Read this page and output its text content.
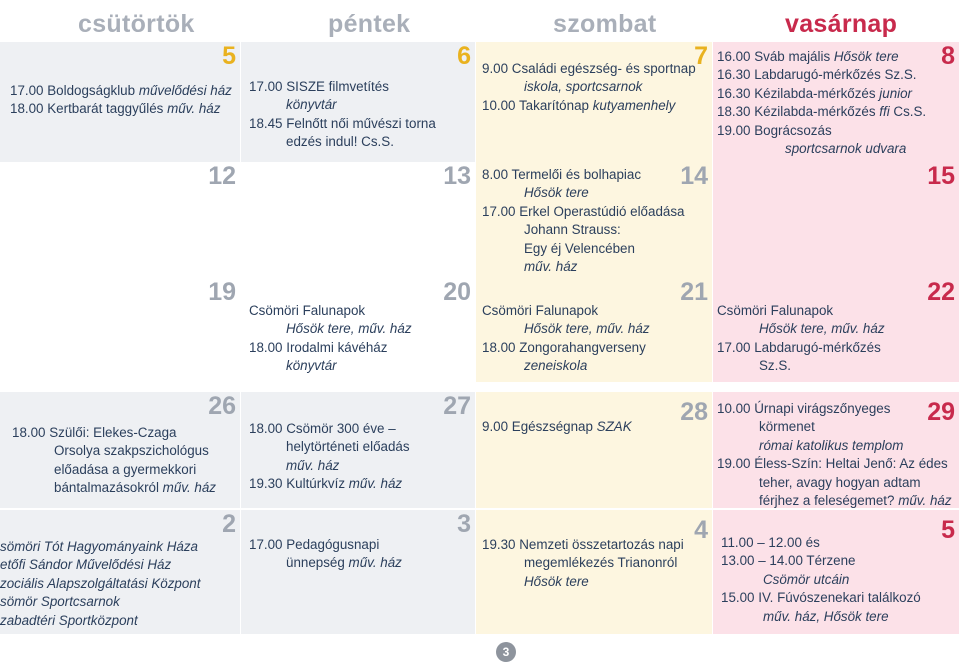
csütörtök	péntek	szombat	vasárnap
5
17.00 Boldogságklub művelődési ház
18.00 Kertbarát taggyűlés műv. ház
6
17.00 SISZE filmvetítés
könyvtár
18.45 Felnőtt női művészi torna
edzés indul! Cs.S.
7
9.00 Családi egészség- és sportnap
iskola, sportcsarnok
10.00 Takarítónap kutyamenhely
8
16.00 Sváb majális Hősök tere
16.30 Labdarugó-mérkőzés Sz.S.
16.30 Kézilabda-mérkőzés junior
18.30 Kézilabda-mérkőzés ffi Cs.S.
19.00 Bográcsozás
sportcsarnok udvara
12	13	14
8.00 Termelői és bolhapiac
Hősök tere
17.00 Erkel Operastúdió előadása
Johann Strauss:
Egy éj Velencében
műv. ház
15
19	20
Csömöri Falunapok
Hősök tere, műv. ház
18.00 Irodalmi kávéház
könyvtár
21
Csömöri Falunapok
Hősök tere, műv. ház
18.00 Zongorahangverseny
zeneiskola
22
Csömöri Falunapok
Hősök tere, műv. ház
17.00 Labdarugó-mérkőzés
Sz.S.
26
18.00 Szülői: Elekes-Czaga
Orsolya szakpszichológus
előadása a gyermekkori
bántalmazásokról műv. ház
27
18.00 Csömör 300 éve –
helytörténeti előadás
műv. ház
19.30 Kultúrkvíz műv. ház
28
9.00 Egészségnap SZAK
29
10.00 Úrnapi virágszőnyeges
körmenet
római katolikus templom
19.00 Éless-Szín: Heltai Jenő: Az édes
teher, avagy hogyan adtam
férjhez a feleségemet? műv. ház
2
sömöri Tót Hagyományaink Háza
etőfi Sándor Művelődési Ház
zociális Alapszolgáltatási Központ
sömör Sportcsarnok
zabadtéri Sportközpont
3
17.00 Pedagógusnapi
ünnepség műv. ház
4
19.30 Nemzeti összetartozás napi
megemlékezés Trianonról
Hősök tere
5
11.00 – 12.00 és
13.00 – 14.00 Térzene
Csömör utcáin
15.00 IV. Fúvószenekari találkozó
műv. ház, Hősök tere
3
